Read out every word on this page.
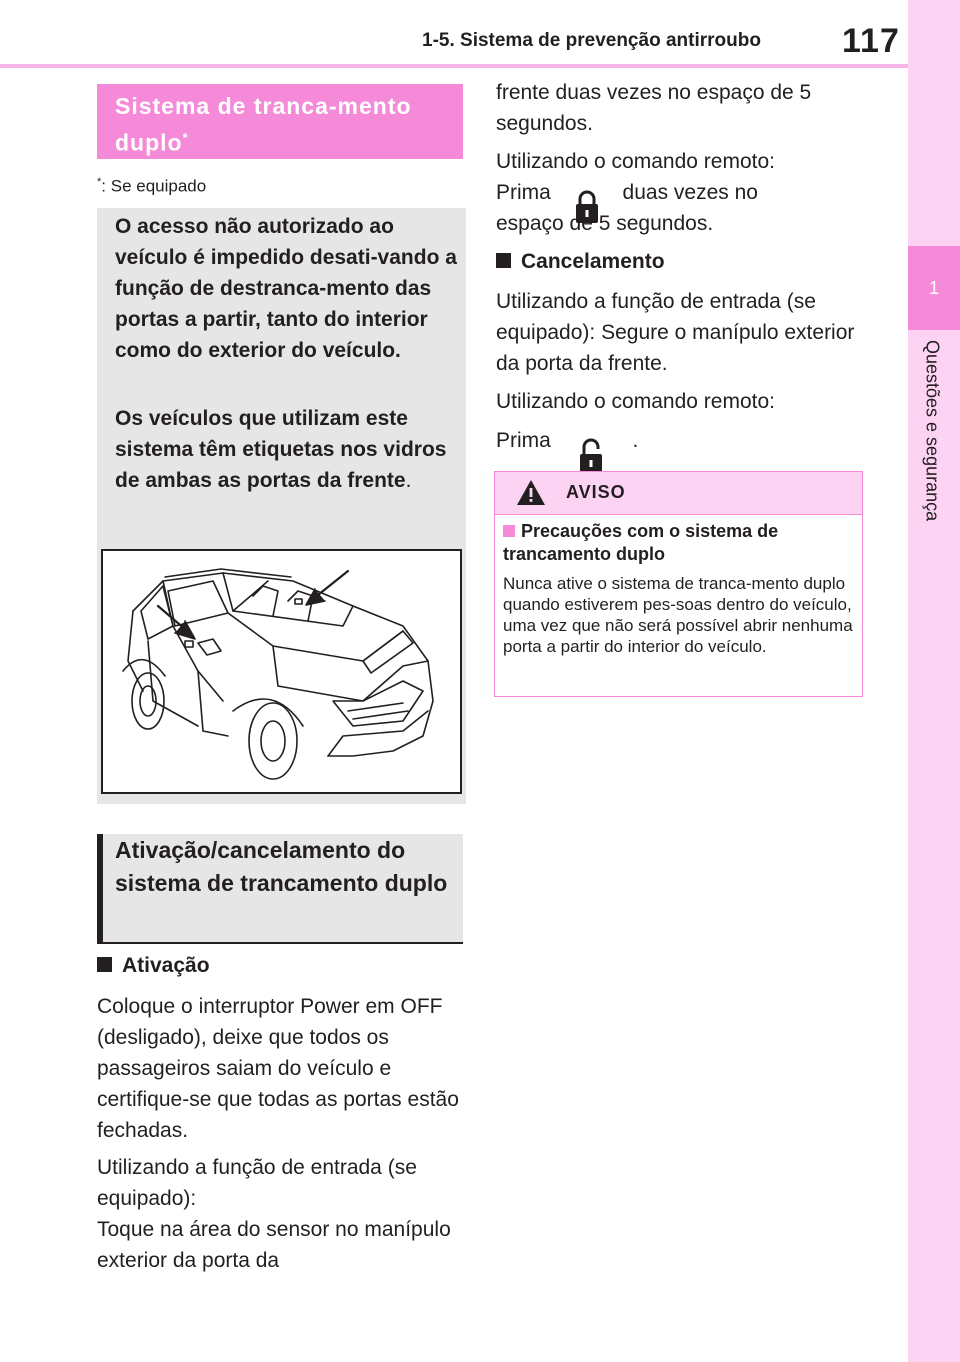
1-5. Sistema de prevenção antirroubo 117
1
Questões e segurança
Sistema de tranca-mento duplo*
*: Se equipado

O acesso não autorizado ao veículo é impedido desati-vando a função de destranca-mento das portas a partir, tanto do interior como do exterior do veículo.

Os veículos que utilizam este sistema têm etiquetas nos vidros de ambas as portas da frente.

Ativação/cancelamento do sistema de trancamento duplo
Ativação

Coloque o interruptor Power em OFF (desligado), deixe que todos os passageiros saiam do veículo e certifique-se que todas as portas estão fechadas.

Utilizando a função de entrada (se equipado):
Toque na área do sensor no manípulo exterior da porta da

frente duas vezes no espaço de 5 segundos.

Utilizando o comando remoto:

Prima	duas vezes no

espaço de 5 segundos.

Cancelamento

Utilizando a função de entrada (se equipado): Segure o manípulo exterior da porta da frente.

Utilizando o comando remoto:

Prima	.
AVISO
Precauções com o sistema de trancamento duplo

Nunca ative o sistema de tranca-mento duplo quando estiverem pes-soas dentro do veículo, uma vez que não será possível abrir nenhuma porta a partir do interior do veículo.
